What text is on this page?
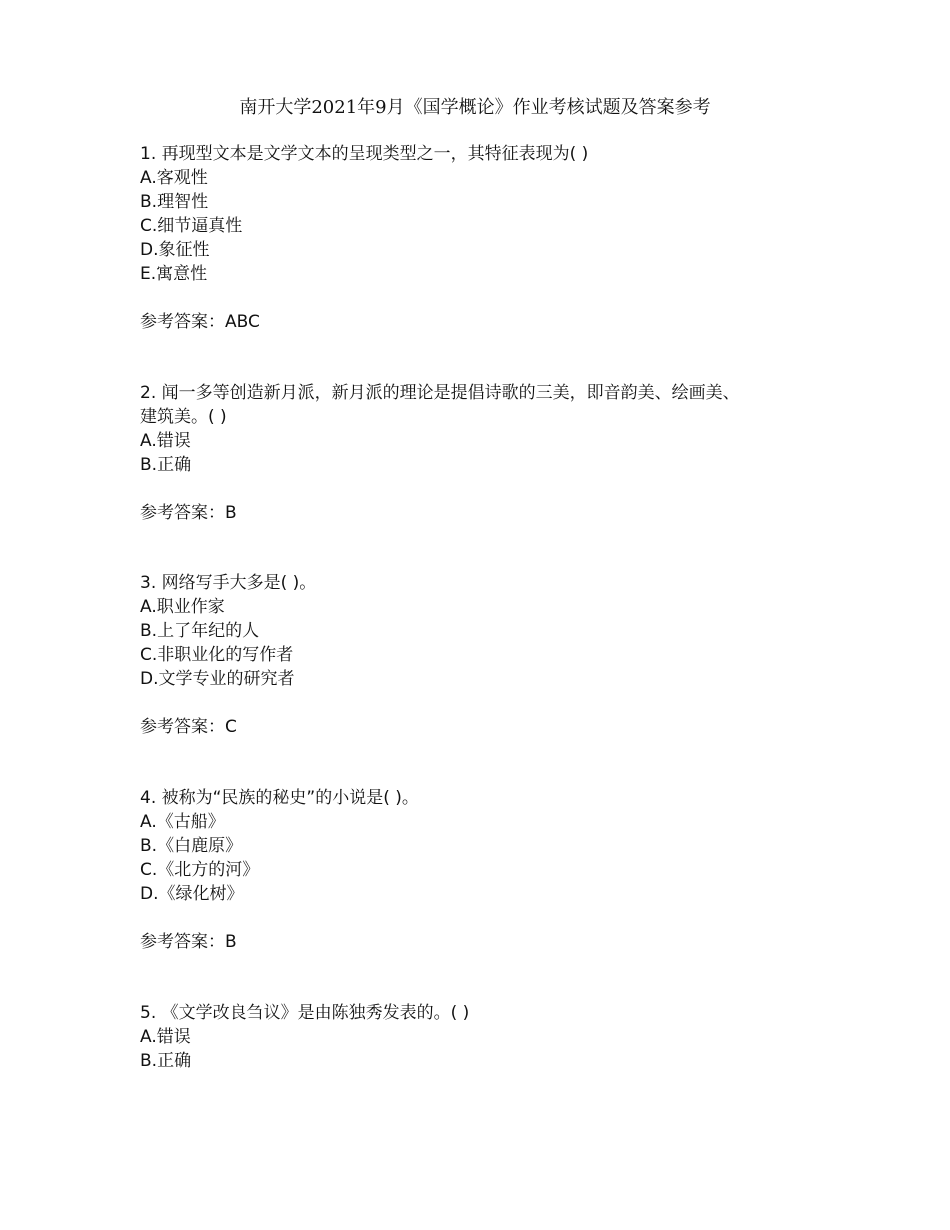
南开大学2021年9月《国学概论》作业考核试题及答案参考
1. 再现型文本是文学文本的呈现类型之一，其特征表现为( )
A.客观性
B.理智性
C.细节逼真性
D.象征性
E.寓意性
参考答案：ABC
2. 闻一多等创造新月派，新月派的理论是提倡诗歌的三美，即音韵美、绘画美、
建筑美。( )
A.错误
B.正确
参考答案：B
3. 网络写手大多是( )。
A.职业作家
B.上了年纪的人
C.非职业化的写作者
D.文学专业的研究者
参考答案：C
4. 被称为“民族的秘史”的小说是( )。
A.《古船》
B.《白鹿原》
C.《北方的河》
D.《绿化树》
参考答案：B
5. 《文学改良刍议》是由陈独秀发表的。( )
A.错误
B.正确
